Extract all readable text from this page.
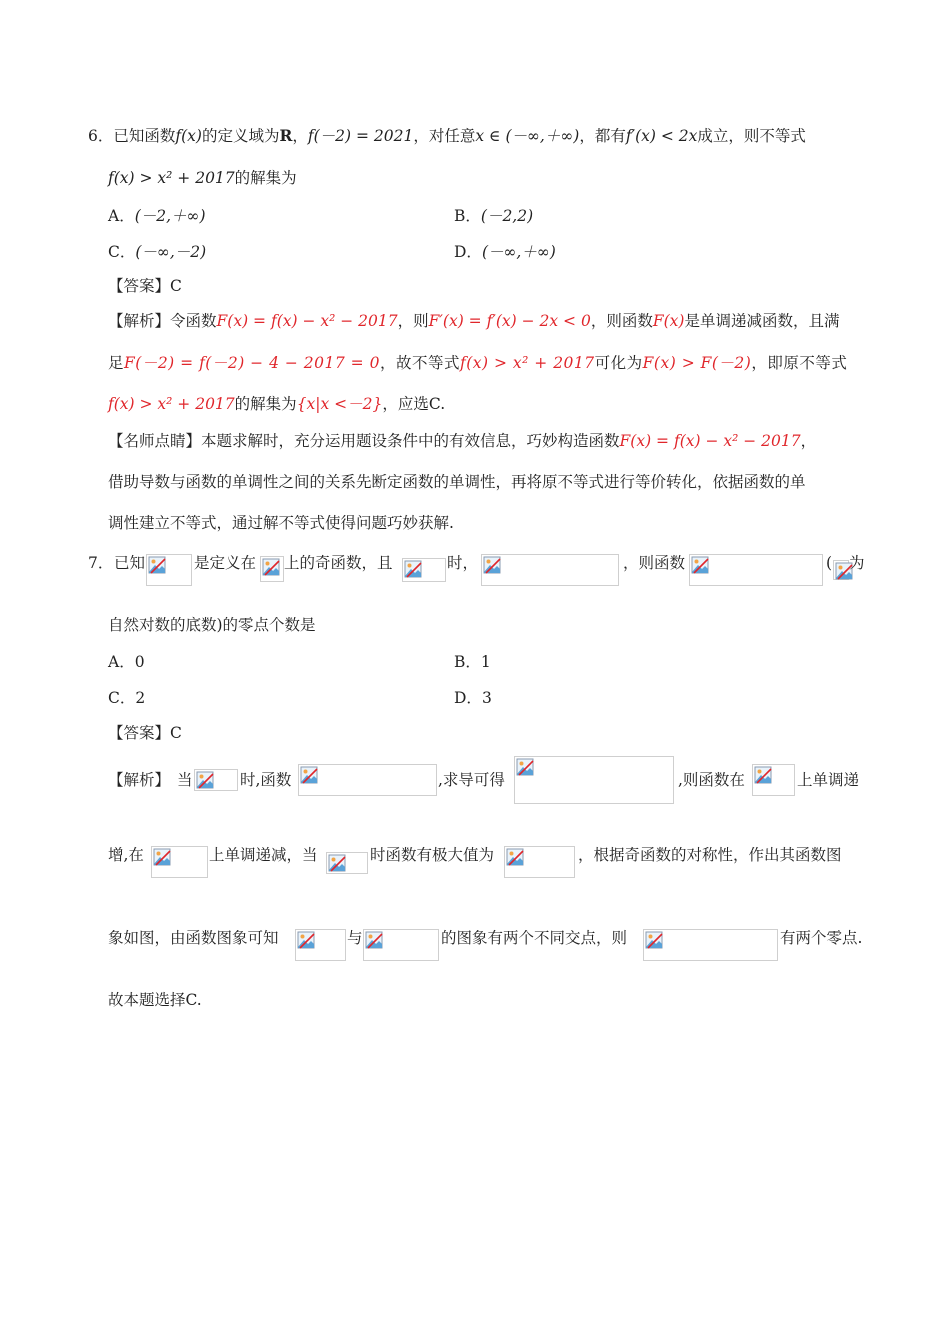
6．已知函数f(x)的定义域为R，f(－2) = 2021，对任意x ∈ (－∞,＋∞)，都有f′(x) < 2x成立，则不等式
f(x) > x² + 2017的解集为
A．(－2,＋∞)	B．(－2,2)
C．(－∞,－2)	D．(－∞,＋∞)
【答案】C
【解析】令函数F(x) = f(x) − x² − 2017，则F′(x) = f′(x) − 2x < 0，则函数F(x)是单调递减函数，且满
足F(－2) = f(－2) − 4 − 2017 = 0，故不等式f(x) > x² + 2017可化为F(x) > F(－2)，即原不等式
f(x) > x² + 2017的解集为{x|x <－2}，应选C.
【名师点睛】本题求解时，充分运用题设条件中的有效信息，巧妙构造函数F(x) = f(x) − x² − 2017，
借助导数与函数的单调性之间的关系先断定函数的单调性，再将原不等式进行等价转化，依据函数的单
调性建立不等式，通过解不等式使得问题巧妙获解.
7． 已知	是定义在 上的奇函数，且	时，	，则函数	( 为
自然对数的底数)的零点个数是
A．0	B．1
C．2	D．3
【答案】C
【解析】 当	时,函数	,求导可得	,则函数在	上单调递
增,在	上单调递减，当	时函数有极大值为	，根据奇函数的对称性，作出其函数图
象如图，由函数图象可知	与	的图象有两个不同交点，则	有两个零点.
故本题选择C.
